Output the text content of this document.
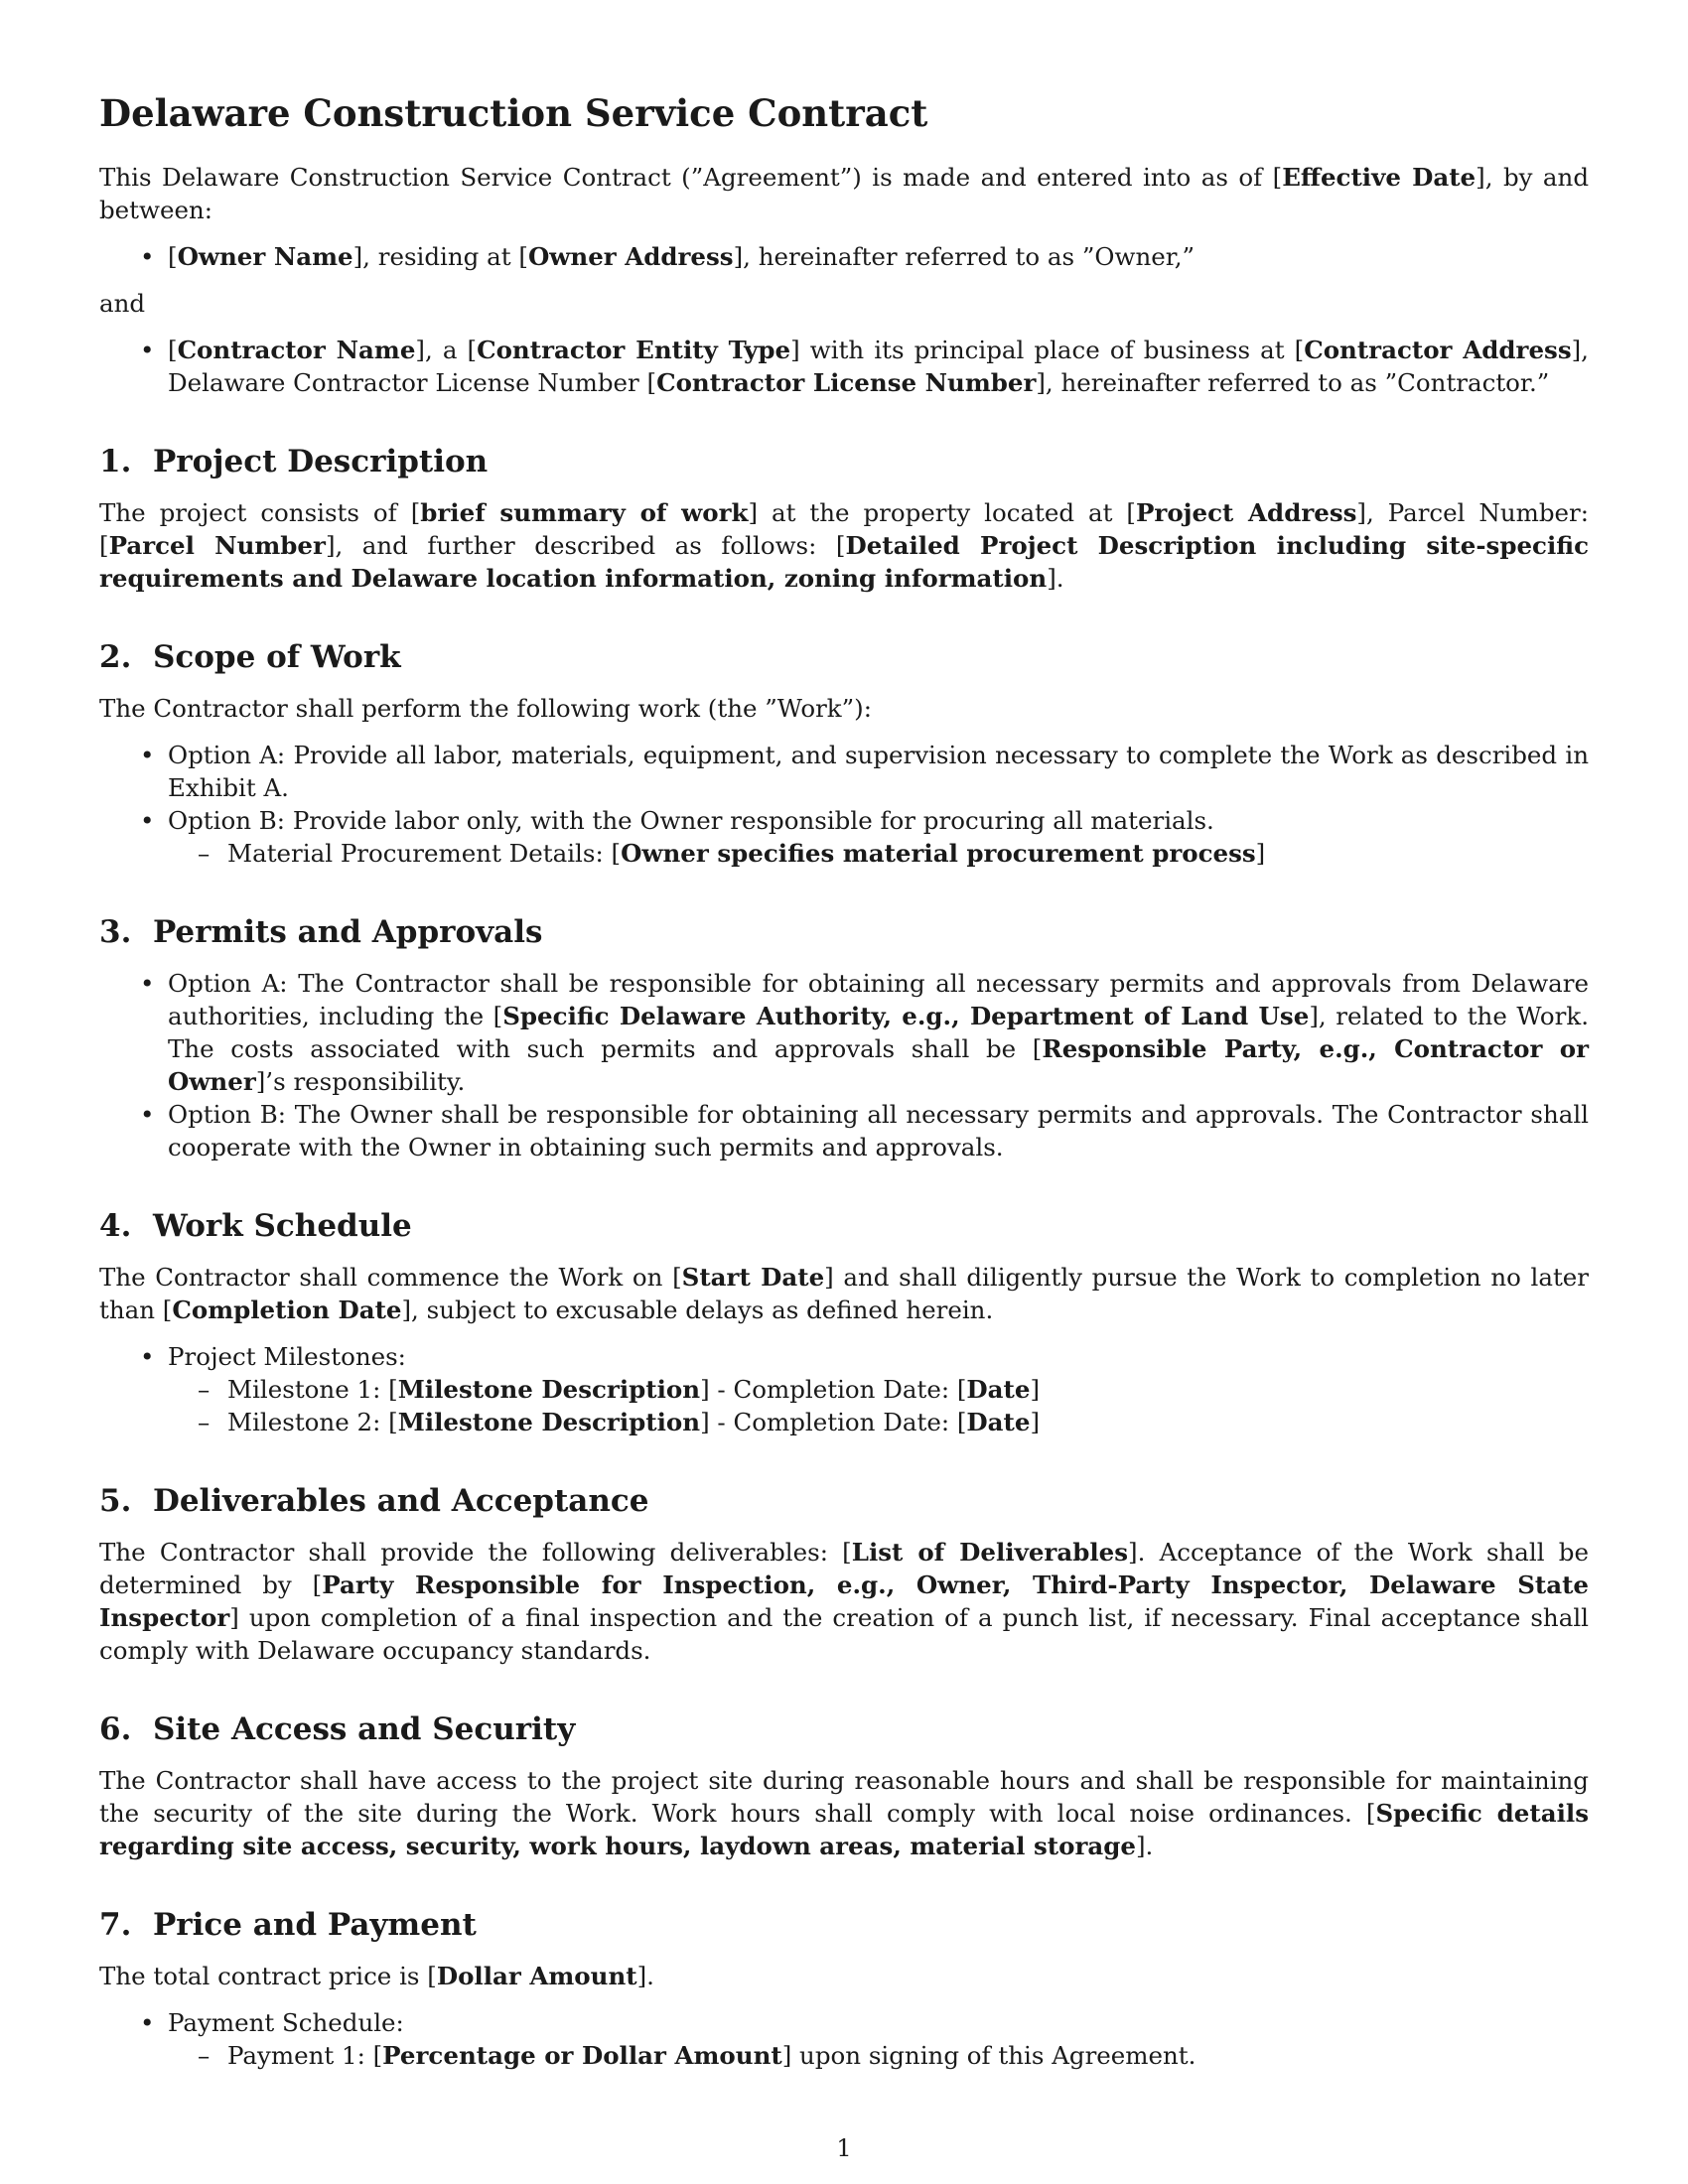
Delaware Construction Service Contract

This Delaware Construction Service Contract (”Agreement”) is made and entered into as of [Effective Date], by and between:

• [Owner Name], residing at [Owner Address], hereinafter referred to as ”Owner,”

and

• [Contractor Name], a [Contractor Entity Type] with its principal place of business at [Contractor Address], Delaware Contractor License Number [Contractor License Number], hereinafter referred to as ”Contractor.”
1.  Project Description

The project consists of [brief summary of work] at the property located at [Project Address], Parcel Number: [Parcel Number], and further described as follows: [Detailed Project Description including site-specific requirements and Delaware location information, zoning information].

2.  Scope of Work

The Contractor shall perform the following work (the ”Work”):

• Option A: Provide all labor, materials, equipment, and supervision necessary to complete the Work as described in Exhibit A.
• Option B: Provide labor only, with the Owner responsible for procuring all materials.
– Material Procurement Details: [Owner specifies material procurement process]
3.  Permits and Approvals
• Option A: The Contractor shall be responsible for obtaining all necessary permits and approvals from Delaware authorities, including the [Specific Delaware Authority, e.g., Department of Land Use], related to the Work. The costs associated with such permits and approvals shall be [Responsible Party, e.g., Contractor or Owner]’s responsibility.
• Option B: The Owner shall be responsible for obtaining all necessary permits and approvals. The Contractor shall cooperate with the Owner in obtaining such permits and approvals.
4.  Work Schedule

The Contractor shall commence the Work on [Start Date] and shall diligently pursue the Work to completion no later than [Completion Date], subject to excusable delays as defined herein.

• Project Milestones:
– Milestone 1: [Milestone Description] - Completion Date: [Date]
– Milestone 2: [Milestone Description] - Completion Date: [Date]
5.  Deliverables and Acceptance

The Contractor shall provide the following deliverables: [List of Deliverables]. Acceptance of the Work shall be determined by [Party Responsible for Inspection, e.g., Owner, Third-Party Inspector, Delaware State Inspector] upon completion of a final inspection and the creation of a punch list, if necessary. Final acceptance shall comply with Delaware occupancy standards.

6.  Site Access and Security

The Contractor shall have access to the project site during reasonable hours and shall be responsible for maintaining the security of the site during the Work. Work hours shall comply with local noise ordinances. [Specific details regarding site access, security, work hours, laydown areas, material storage].

7.  Price and Payment

The total contract price is [Dollar Amount].

• Payment Schedule:
– Payment 1: [Percentage or Dollar Amount] upon signing of this Agreement.
1
